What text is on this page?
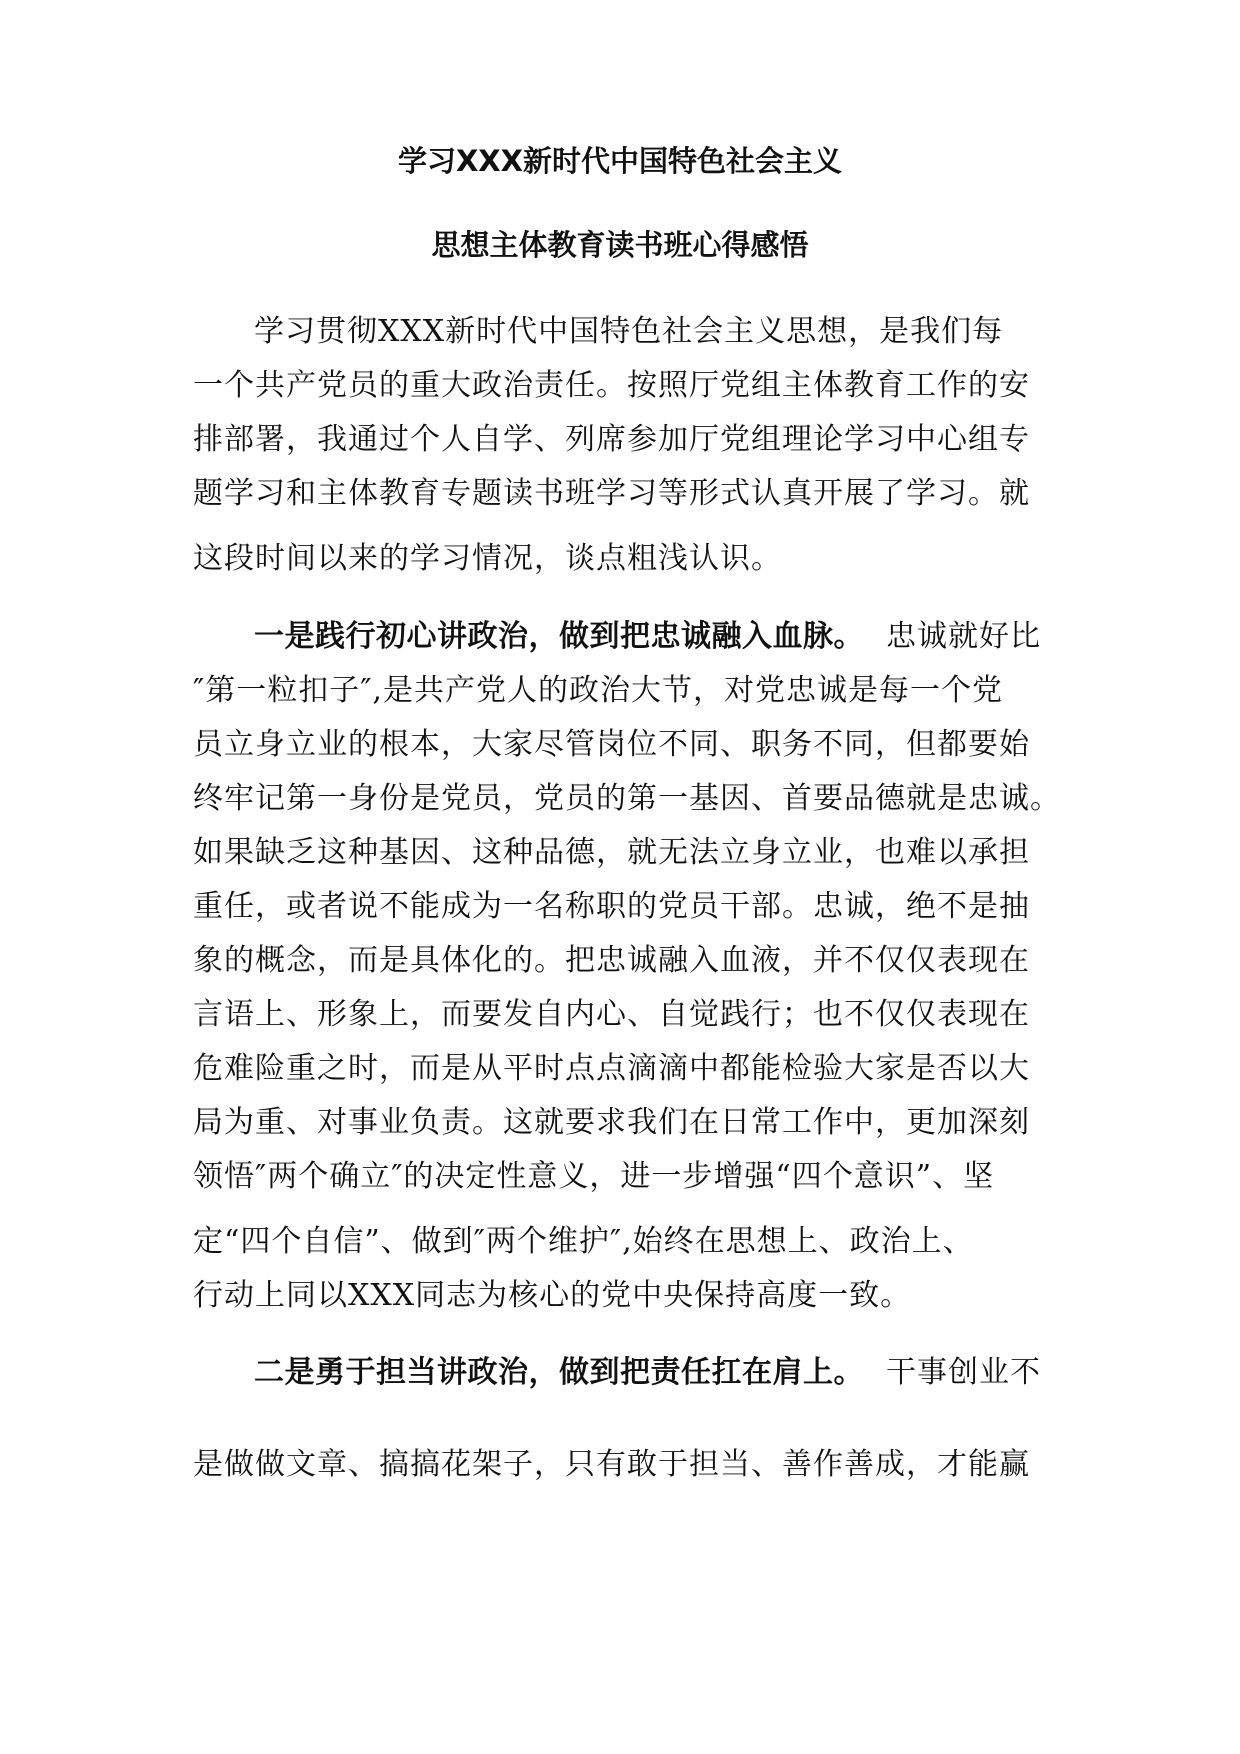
学习XXX新时代中国特色社会主义
思想主体教育读书班心得感悟
学习贯彻XXX新时代中国特色社会主义思想，是我们每
一个共产党员的重大政治责任。按照厅党组主体教育工作的安
排部署，我通过个人自学、列席参加厅党组理论学习中心组专
题学习和主体教育专题读书班学习等形式认真开展了学习。就
这段时间以来的学习情况，谈点粗浅认识。
一是践行初心讲政治，做到把忠诚融入血脉。 忠诚就好比
″第一粒扣子″,是共产党人的政治大节，对党忠诚是每一个党
员立身立业的根本，大家尽管岗位不同、职务不同，但都要始
终牢记第一身份是党员，党员的第一基因、首要品德就是忠诚。
如果缺乏这种基因、这种品德，就无法立身立业，也难以承担
重任，或者说不能成为一名称职的党员干部。忠诚，绝不是抽
象的概念，而是具体化的。把忠诚融入血液，并不仅仅表现在
言语上、形象上，而要发自内心、自觉践行；也不仅仅表现在
危难险重之时，而是从平时点点滴滴中都能检验大家是否以大
局为重、对事业负责。这就要求我们在日常工作中，更加深刻
领悟″两个确立″的决定性意义，进一步增强“四个意识”、坚
定“四个自信”、做到″两个维护″,始终在思想上、政治上、
行动上同以XXX同志为核心的党中央保持高度一致。
二是勇于担当讲政治，做到把责任扛在肩上。 干事创业不
是做做文章、搞搞花架子，只有敢于担当、善作善成，才能赢
